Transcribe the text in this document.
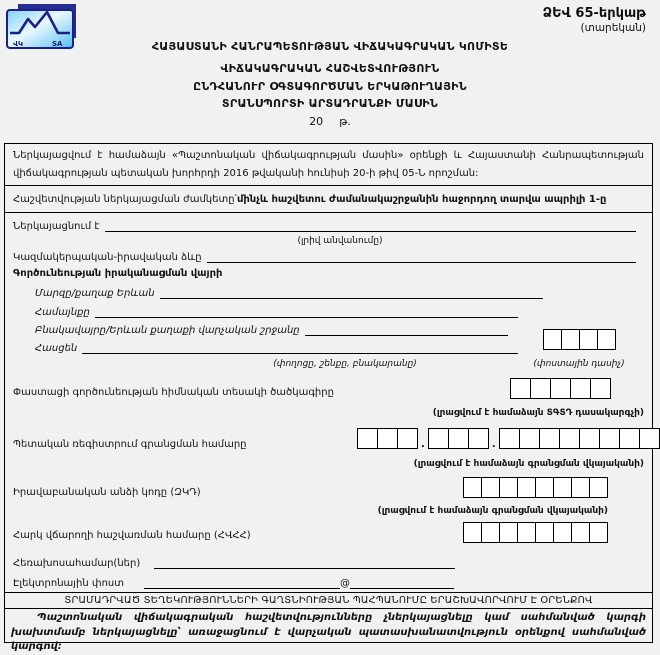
ՎԿ	SA
ՁԵՎ 65-երկաթ
(տարեկան)
ՀԱՅԱՍՏԱՆԻ ՀԱՆՐԱՊԵՏՈՒԹՅԱՆ ՎԻՃԱԿԱԳՐԱԿԱՆ ԿՈՄԻՏԵ
ՎԻՃԱԿԱԳՐԱԿԱՆ ՀԱՇՎԵՏՎՈՒԹՅՈՒՆ
ԸՆԴՀԱՆՈՒՐ ՕԳՏԱԳՈՐԾՄԱՆ ԵՐԿԱԹՈՒՂԱՅԻՆ
ՏՐԱՆՍՊՈՐՏԻ ԱՐՏԱԴՐԱՆՔԻ ՄԱՍԻՆ
20 թ.
Ներկայացվում է համաձայն «Պաշտոնական վիճակագրության մասին» օրենքի և Հայաստանի Հանրապետության վիճակագրության պետական խորհրդի 2016 թվականի հունիսի 20-ի թիվ 05-Ն որոշման:
Հաշվետվության ներկայացման ժամկետը՝ մինչև հաշվետու ժամանակաշրջանին հաջորդող տարվա ապրիլի 1-ը
Ներկայացնում է
(լրիվ անվանումը)
Կազմակերպական-իրավական ձևը
Գործունեության իրականացման վայրի
Մարզը/քաղաք Երևան
Համայնքը
Բնակավայրը/Երևան քաղաքի վարչական շրջանը
Հասցեն
(փողոցը, շենքը, բնակարանը)	(փոստային դասիչ)
Փաստացի գործունեության հիմնական տեսակի ծածկագիրը
(լրացվում է համաձայն ՏԳՏԴ դասակարգչի)
Պետական ռեգիստրում գրանցման համարը	.	.
(լրացվում է համաձայն գրանցման վկայականի)
Իրավաբանական անձի կոդը (ԶԿԴ)
(լրացվում է համաձայն գրանցման վկայականի)
Հարկ վճարողի հաշվառման համարը (ՀՎՀՀ)
Հեռախոսահամար(ներ)
Էլեկտրոնային փոստ	@
ՏՐԱՄԱԴՐՎԱԾ ՏԵՂԵԿՈՒԹՅՈՒՆՆԵՐԻ ԳԱՂՏՆԻՈՒԹՅԱՆ ՊԱՀՊԱՆՈՒՄԸ ԵՐԱՇԽԱՎՈՐՎՈՒՄ Է ՕՐԵՆՔՈՎ
Պաշտոնական վիճակագրական հաշվետվությունները չներկայացնելը կամ սահմանված կարգի խախտմամբ ներկայացնելը՝ առաջացնում է վարչական պատասխանատվություն օրենքով սահմանված կարգով:
